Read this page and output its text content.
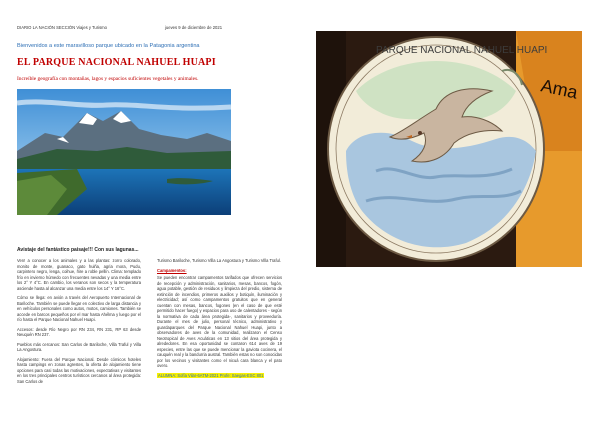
DIARIO LA NACIÓN SECCIÓN Viajes y Turismo	jueves 9 de diciembre de 2021
Bienvenidos a este maravilloso parque ubicado en la Patagonia argentina
EL PARQUE NACIONAL NAHUEL HUAPI
Increíble geografía con montañas, lagos y espacios suficientes vegetales y animales.
Avistaje del fantástico paisaje!!! Con sus lagunas...

Ven! a conocer a los animales y a las plantas: zorro colorado, monito de monte, guanaco, gato huiña, agria mora, Pudu, carpintero negro, lenga, coihue, ñire a roble pellín. Clima: templado frío en invierno húmedo con frecuentes nevadas y una media entre los 2° Y 4°C. En cambio, los veranos son secos y la temperatura asciende hasta al alcanzar una media entre los 14° Y 16°C.

Cómo se llega: en avión a través del Aeropuerto Internacional de Bariloche. También se puede llegar en colectivo de larga distancia y en vehículos personales como autos, motos, camiones. También se accede en barcos pequeños por el mar hasta Ahélma y luego por el río hasta el Parque Nacional Nahuel Huapi.

Accesos: desde Río Negro por RN 234, RN 231, RP 63 desde Neuquén RN 237.

Pueblos más cercanos: San Carlos de Bariloche, Villa Traful y Villa La Angostura.

Alojamiento: Fuera del Parque Nacional. Desde cómicos hoteles hasta campings en zonas agrestes, la oferta de alojamiento tiene opciones para casi todas las motivaciones, expectativas y visitantes en los tres principales centros turísticos cercanos al área protegida: San Carlos de

Turismo Bariloche, Turismo Villa La Angostura y Turismo Villa Traful.

Campamentos:

Se pueden encontrar campamentos tarifados que ofrecen servicios de recepción y administración, sanitarios, mesas, bancos, fogón, agua potable, gestión de residuos y limpieza del predio, sistema de extinción de incendios, primeros auxilios y botiquín, iluminación y electricidad; así como campamentos gratuitos que en general cuentan con mesas, bancos, fogones (en el caso de que esté permitido hacer fuego) y espacios para uso de calentadores - según la normativa de cada área protegida-, sanitarios y proveeduría. Durante el mes de julio, personal técnico, administrativo y guardaparques del Parque Nacional Nahuel Huapi, junto a observadores de aves de la comunidad, realizaron el Censo Neotropical de Aves Acuáticas en 13 sitios del área protegida y alrededores. En esa oportunidad se contaron 614 aves de 19 especies, entre las que se puede mencionar la gaviota cocinera, el cauquén real y la bandurria austral. También estas no son conocidas por los vecinos y visitantes como el nicuá cara blanca y el pato overo.

ALUMNA: Sofía Vilar-6ATM-2021 Profe: Saegas-ESC 801
PARQUE NACIONAL NAHUEL HUAPI
Ama
